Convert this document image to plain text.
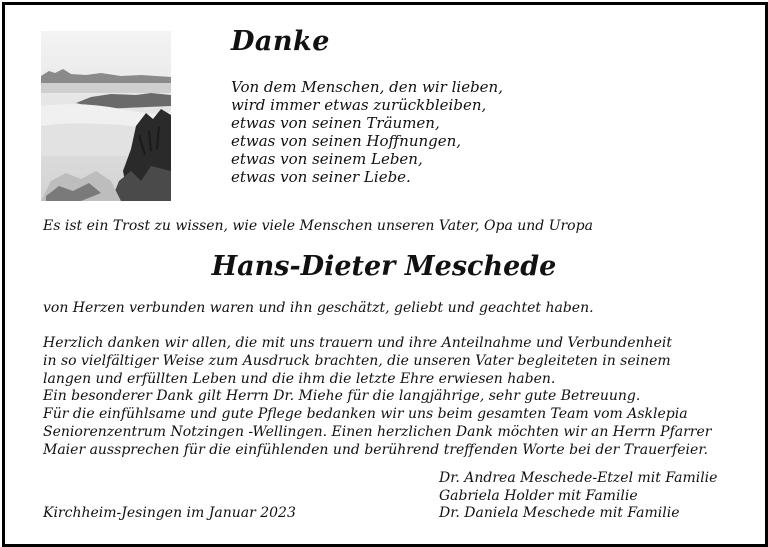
Danke
Von dem Menschen, den wir lieben,
wird immer etwas zurückbleiben,
etwas von seinen Träumen,
etwas von seinen Hoffnungen,
etwas von seinem Leben,
etwas von seiner Liebe.
Es ist ein Trost zu wissen, wie viele Menschen unseren Vater, Opa und Uropa
Hans-Dieter Meschede
von Herzen verbunden waren und ihn geschätzt, geliebt und geachtet haben.
Herzlich danken wir allen, die mit uns trauern und ihre Anteilnahme und Verbundenheit
in so vielfältiger Weise zum Ausdruck brachten, die unseren Vater begleiteten in seinem
langen und erfüllten Leben und die ihm die letzte Ehre erwiesen haben.
Ein besonderer Dank gilt Herrn Dr. Miehe für die langjährige, sehr gute Betreuung.
Für die einfühlsame und gute Pflege bedanken wir uns beim gesamten Team vom Asklepia
Seniorenzentrum Notzingen -Wellingen. Einen herzlichen Dank möchten wir an Herrn Pfarrer
Maier aussprechen für die einfühlenden und berührend treffenden Worte bei der Trauerfeier.
Kirchheim-Jesingen im Januar 2023
Dr. Andrea Meschede-Etzel mit Familie
Gabriela Holder mit Familie
Dr. Daniela Meschede mit Familie
